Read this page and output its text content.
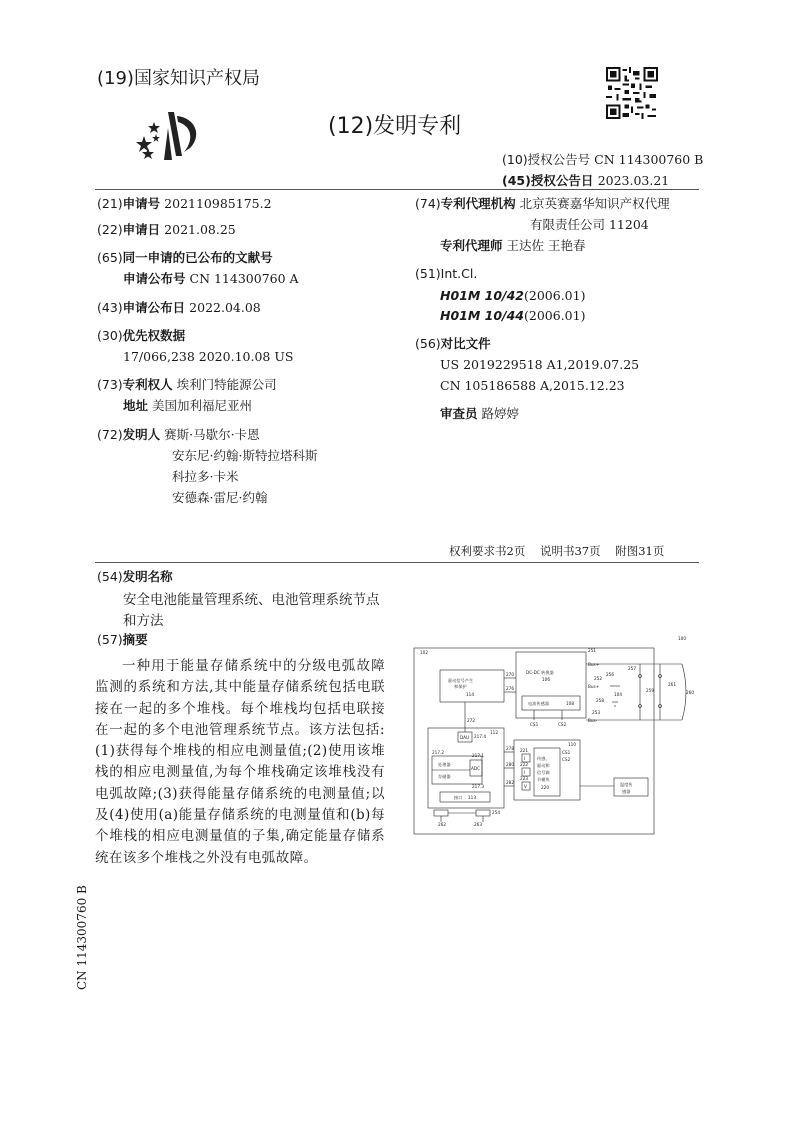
(19)国家知识产权局
(12)发明专利
(10)授权公告号 CN 114300760 B
(45)授权公告日 2023.03.21
(21)申请号 202110985175.2
(22)申请日 2021.08.25
(65)同一申请的已公布的文献号
申请公布号 CN 114300760 A
(43)申请公布日 2022.04.08
(30)优先权数据
17/066,238 2020.10.08 US
(73)专利权人 埃利门特能源公司
地址 美国加利福尼亚州
(72)发明人 赛斯·马歇尔·卡恩
安东尼·约翰·斯特拉塔科斯
科拉多·卡米
安德森·雷尼·约翰
(74)专利代理机构 北京英赛嘉华知识产权代理
有限责任公司 11204
专利代理师 王达佐 王艳春
(51)Int.Cl.
H01M 10/42(2006.01)
H01M 10/44(2006.01)
(56)对比文件
US 2019229518 A1,2019.07.25
CN 105186588 A,2015.12.23
审查员 路婷婷
权利要求书2页    说明书37页    附图31页
(54)发明名称
安全电池能量管理系统、电池管理系统节点
和方法
(57)摘要
一种用于能量存储系统中的分级电弧故障监测的系统和方法,其中能量存储系统包括电联接在一起的多个堆栈。每个堆栈均包括电联接在一起的多个电池管理系统节点。该方法包括:(1)获得每个堆栈的相应电测量值;(2)使用该堆栈的相应电测量值,为每个堆栈确定该堆栈没有电弧故障;(3)获得能量存储系统的电测量值;以及(4)使用(a)能量存储系统的电测量值和(b)每个堆栈的相应电测量值的子集,确定能量存储系统在该多个堆栈之外没有电弧故障。
CN 114300760 B
100
102
驱动信号产生
和保护
114
DC-DC 转换器
106
电流传感器	108
CS1	CS2
270
276
Bus+
Bus+
Bus-
251
257
259
261
260
252
256
258
104
253
112
DAU 217.4
272
217.2
处理器
存储器
ADC
217.1
217.3
接口 113
254
262	263
110
I
I
V
221
222
223
传感、
驱动和
信号调
节模块
220
CS1
CS2
278
280
282	温度传
感器
